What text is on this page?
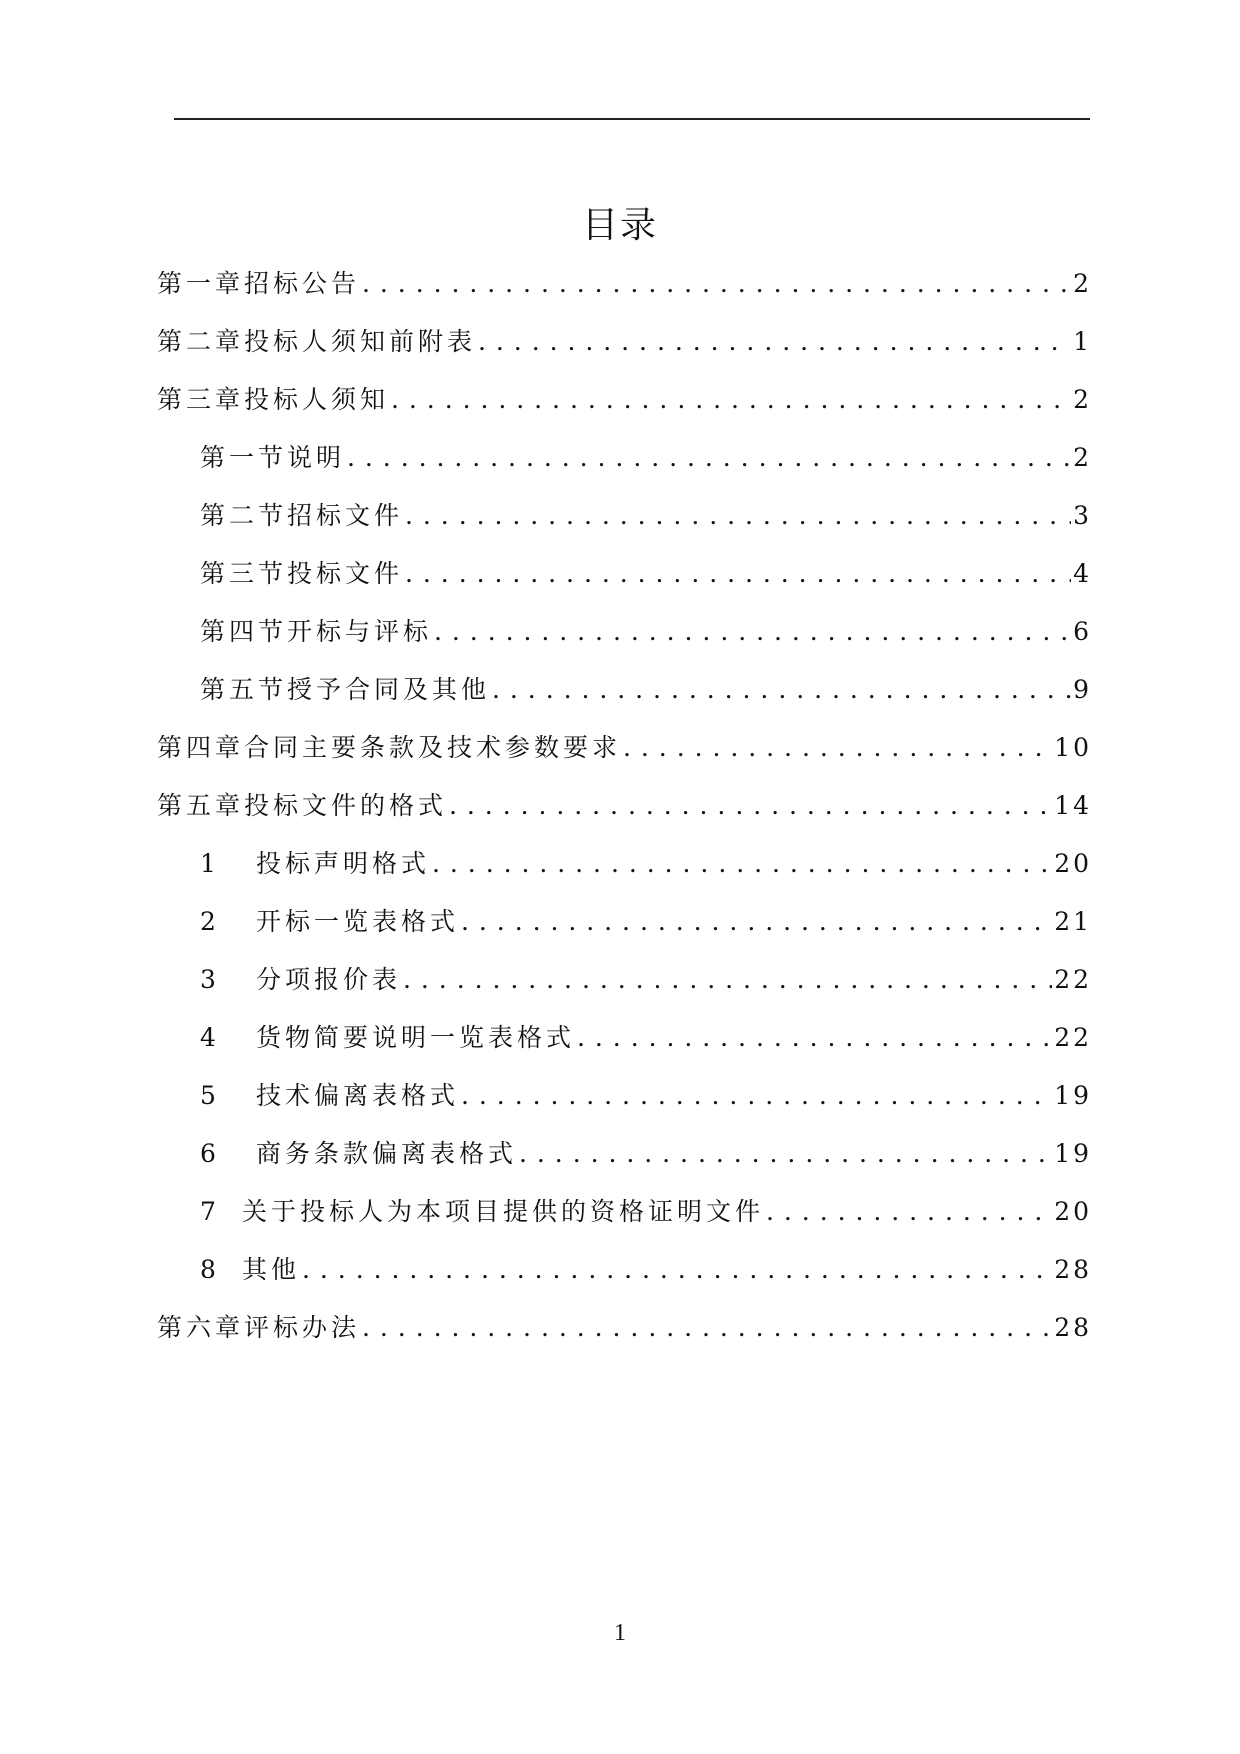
目录
第一章招标公告 . . .	2
第二章投标人须知前附表 . . .	1
第三章投标人须知 . . .	2
第一节说明 . . .	2
第二节招标文件 . . .	3
第三节投标文件 . . .	4
第四节开标与评标 . . .	6
第五节授予合同及其他 . . .	9
第四章合同主要条款及技术参数要求 . . .	10
第五章投标文件的格式 . . .	14
1	投标声明格式 . . .	20
2	开标一览表格式 . . .	21
3	分项报价表 . . .	22
4	货物简要说明一览表格式 . . .	22
5	技术偏离表格式 . . .	19
6	商务条款偏离表格式 . . .	19
7 关于投标人为本项目提供的资格证明文件 . . .	20
8 其他 . . .	28
第六章评标办法 . . .	28
1
